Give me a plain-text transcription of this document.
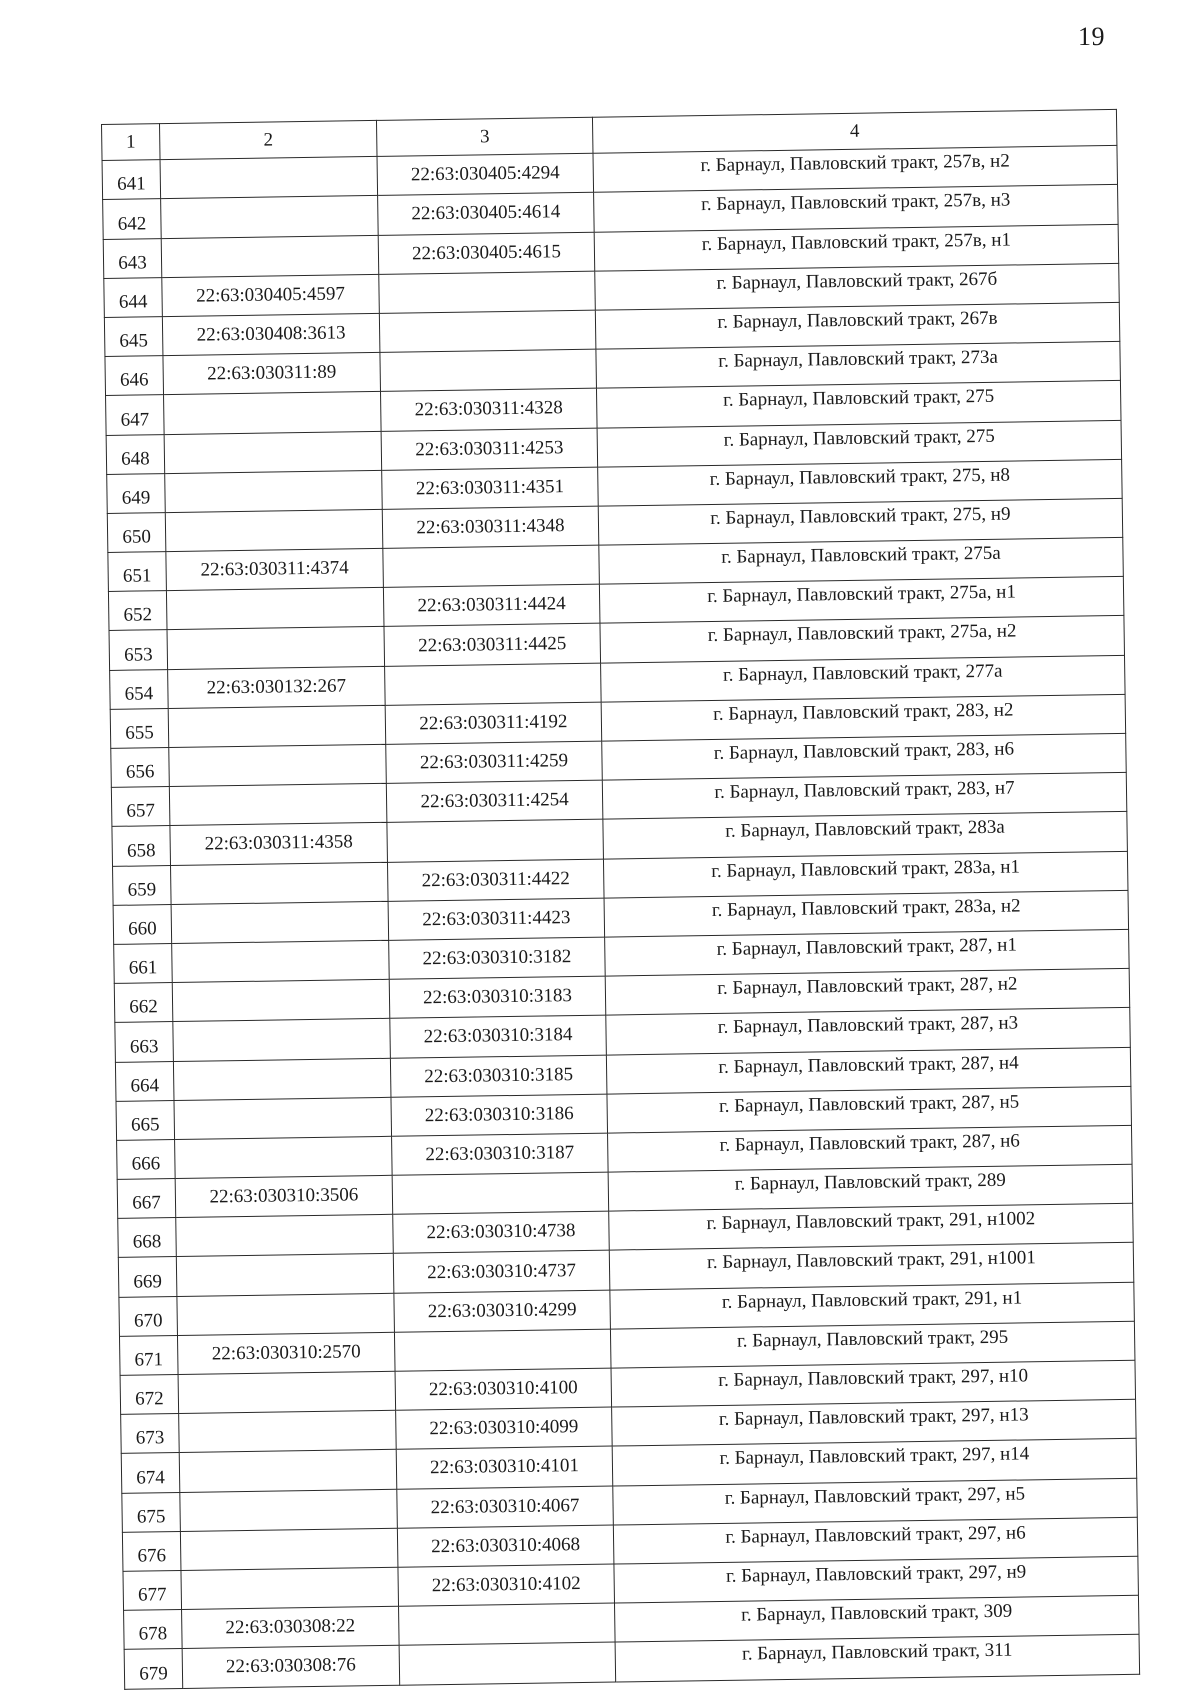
19
1	2	3	4
641		22:63:030405:4294	г. Барнаул, Павловский тракт, 257в, н2
642		22:63:030405:4614	г. Барнаул, Павловский тракт, 257в, н3
643		22:63:030405:4615	г. Барнаул, Павловский тракт, 257в, н1
644	22:63:030405:4597		г. Барнаул, Павловский тракт, 267б
645	22:63:030408:3613		г. Барнаул, Павловский тракт, 267в
646	22:63:030311:89		г. Барнаул, Павловский тракт, 273а
647		22:63:030311:4328	г. Барнаул, Павловский тракт, 275
648		22:63:030311:4253	г. Барнаул, Павловский тракт, 275
649		22:63:030311:4351	г. Барнаул, Павловский тракт, 275, н8
650		22:63:030311:4348	г. Барнаул, Павловский тракт, 275, н9
651	22:63:030311:4374		г. Барнаул, Павловский тракт, 275а
652		22:63:030311:4424	г. Барнаул, Павловский тракт, 275а, н1
653		22:63:030311:4425	г. Барнаул, Павловский тракт, 275а, н2
654	22:63:030132:267		г. Барнаул, Павловский тракт, 277а
655		22:63:030311:4192	г. Барнаул, Павловский тракт, 283, н2
656		22:63:030311:4259	г. Барнаул, Павловский тракт, 283, н6
657		22:63:030311:4254	г. Барнаул, Павловский тракт, 283, н7
658	22:63:030311:4358		г. Барнаул, Павловский тракт, 283а
659		22:63:030311:4422	г. Барнаул, Павловский тракт, 283а, н1
660		22:63:030311:4423	г. Барнаул, Павловский тракт, 283а, н2
661		22:63:030310:3182	г. Барнаул, Павловский тракт, 287, н1
662		22:63:030310:3183	г. Барнаул, Павловский тракт, 287, н2
663		22:63:030310:3184	г. Барнаул, Павловский тракт, 287, н3
664		22:63:030310:3185	г. Барнаул, Павловский тракт, 287, н4
665		22:63:030310:3186	г. Барнаул, Павловский тракт, 287, н5
666		22:63:030310:3187	г. Барнаул, Павловский тракт, 287, н6
667	22:63:030310:3506		г. Барнаул, Павловский тракт, 289
668		22:63:030310:4738	г. Барнаул, Павловский тракт, 291, н1002
669		22:63:030310:4737	г. Барнаул, Павловский тракт, 291, н1001
670		22:63:030310:4299	г. Барнаул, Павловский тракт, 291, н1
671	22:63:030310:2570		г. Барнаул, Павловский тракт, 295
672		22:63:030310:4100	г. Барнаул, Павловский тракт, 297, н10
673		22:63:030310:4099	г. Барнаул, Павловский тракт, 297, н13
674		22:63:030310:4101	г. Барнаул, Павловский тракт, 297, н14
675		22:63:030310:4067	г. Барнаул, Павловский тракт, 297, н5
676		22:63:030310:4068	г. Барнаул, Павловский тракт, 297, н6
677		22:63:030310:4102	г. Барнаул, Павловский тракт, 297, н9
678	22:63:030308:22		г. Барнаул, Павловский тракт, 309
679	22:63:030308:76		г. Барнаул, Павловский тракт, 311
